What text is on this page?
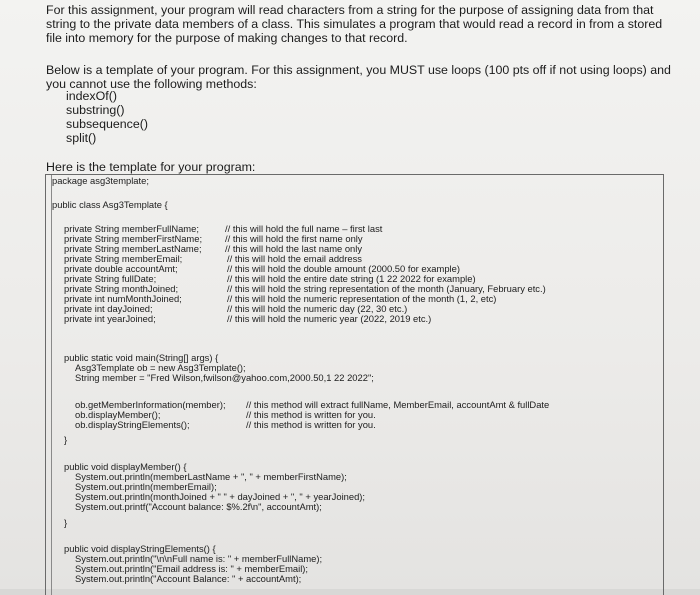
For this assignment, your program will read characters from a string for the purpose of assigning data from that string to the private data members of a class. This simulates a program that would read a record in from a stored file into memory for the purpose of making changes to that record.
Below is a template of your program. For this assignment, you MUST use loops (100 pts off if not using loops) and you cannot use the following methods:
indexOf()
substring()
subsequence()
split()
Here is the template for your program:
package asg3template;
public class Asg3Template {
private String memberFullName;	// this will hold the full name – first last
private String memberFirstName; // this will hold the first name only
private String memberLastName; // this will hold the last name only
private String memberEmail;	// this will hold the email address
private double accountAmt;	// this will hold the double amount (2000.50 for example)
private String fullDate;	// this will hold the entire date string (1 22 2022 for example)
private String monthJoined;	// this will hold the string representation of the month (January, February etc.)
private int numMonthJoined;	// this will hold the numeric representation of the month (1, 2, etc)
private int dayJoined;	// this will hold the numeric day (22, 30 etc.)
private int yearJoined;	// this will hold the numeric year (2022, 2019 etc.)
public static void main(String[] args) {
Asg3Template ob = new Asg3Template();
String member = "Fred Wilson,fwilson@yahoo.com,2000.50,1 22 2022";
ob.getMemberInformation(member); // this method will extract fullName, MemberEmail, accountAmt & fullDate
ob.displayMember();	// this method is written for you.
ob.displayStringElements();	// this method is written for you.
}
public void displayMember() {
System.out.println(memberLastName + ", " + memberFirstName);
System.out.println(memberEmail);
System.out.println(monthJoined + " " + dayJoined + ", " + yearJoined);
System.out.printf("Account balance: $%.2f\n", accountAmt);
}
public void displayStringElements() {
System.out.println("\n\nFull name is: " + memberFullName);
System.out.println("Email address is: " + memberEmail);
System.out.println("Account Balance: " + accountAmt);
